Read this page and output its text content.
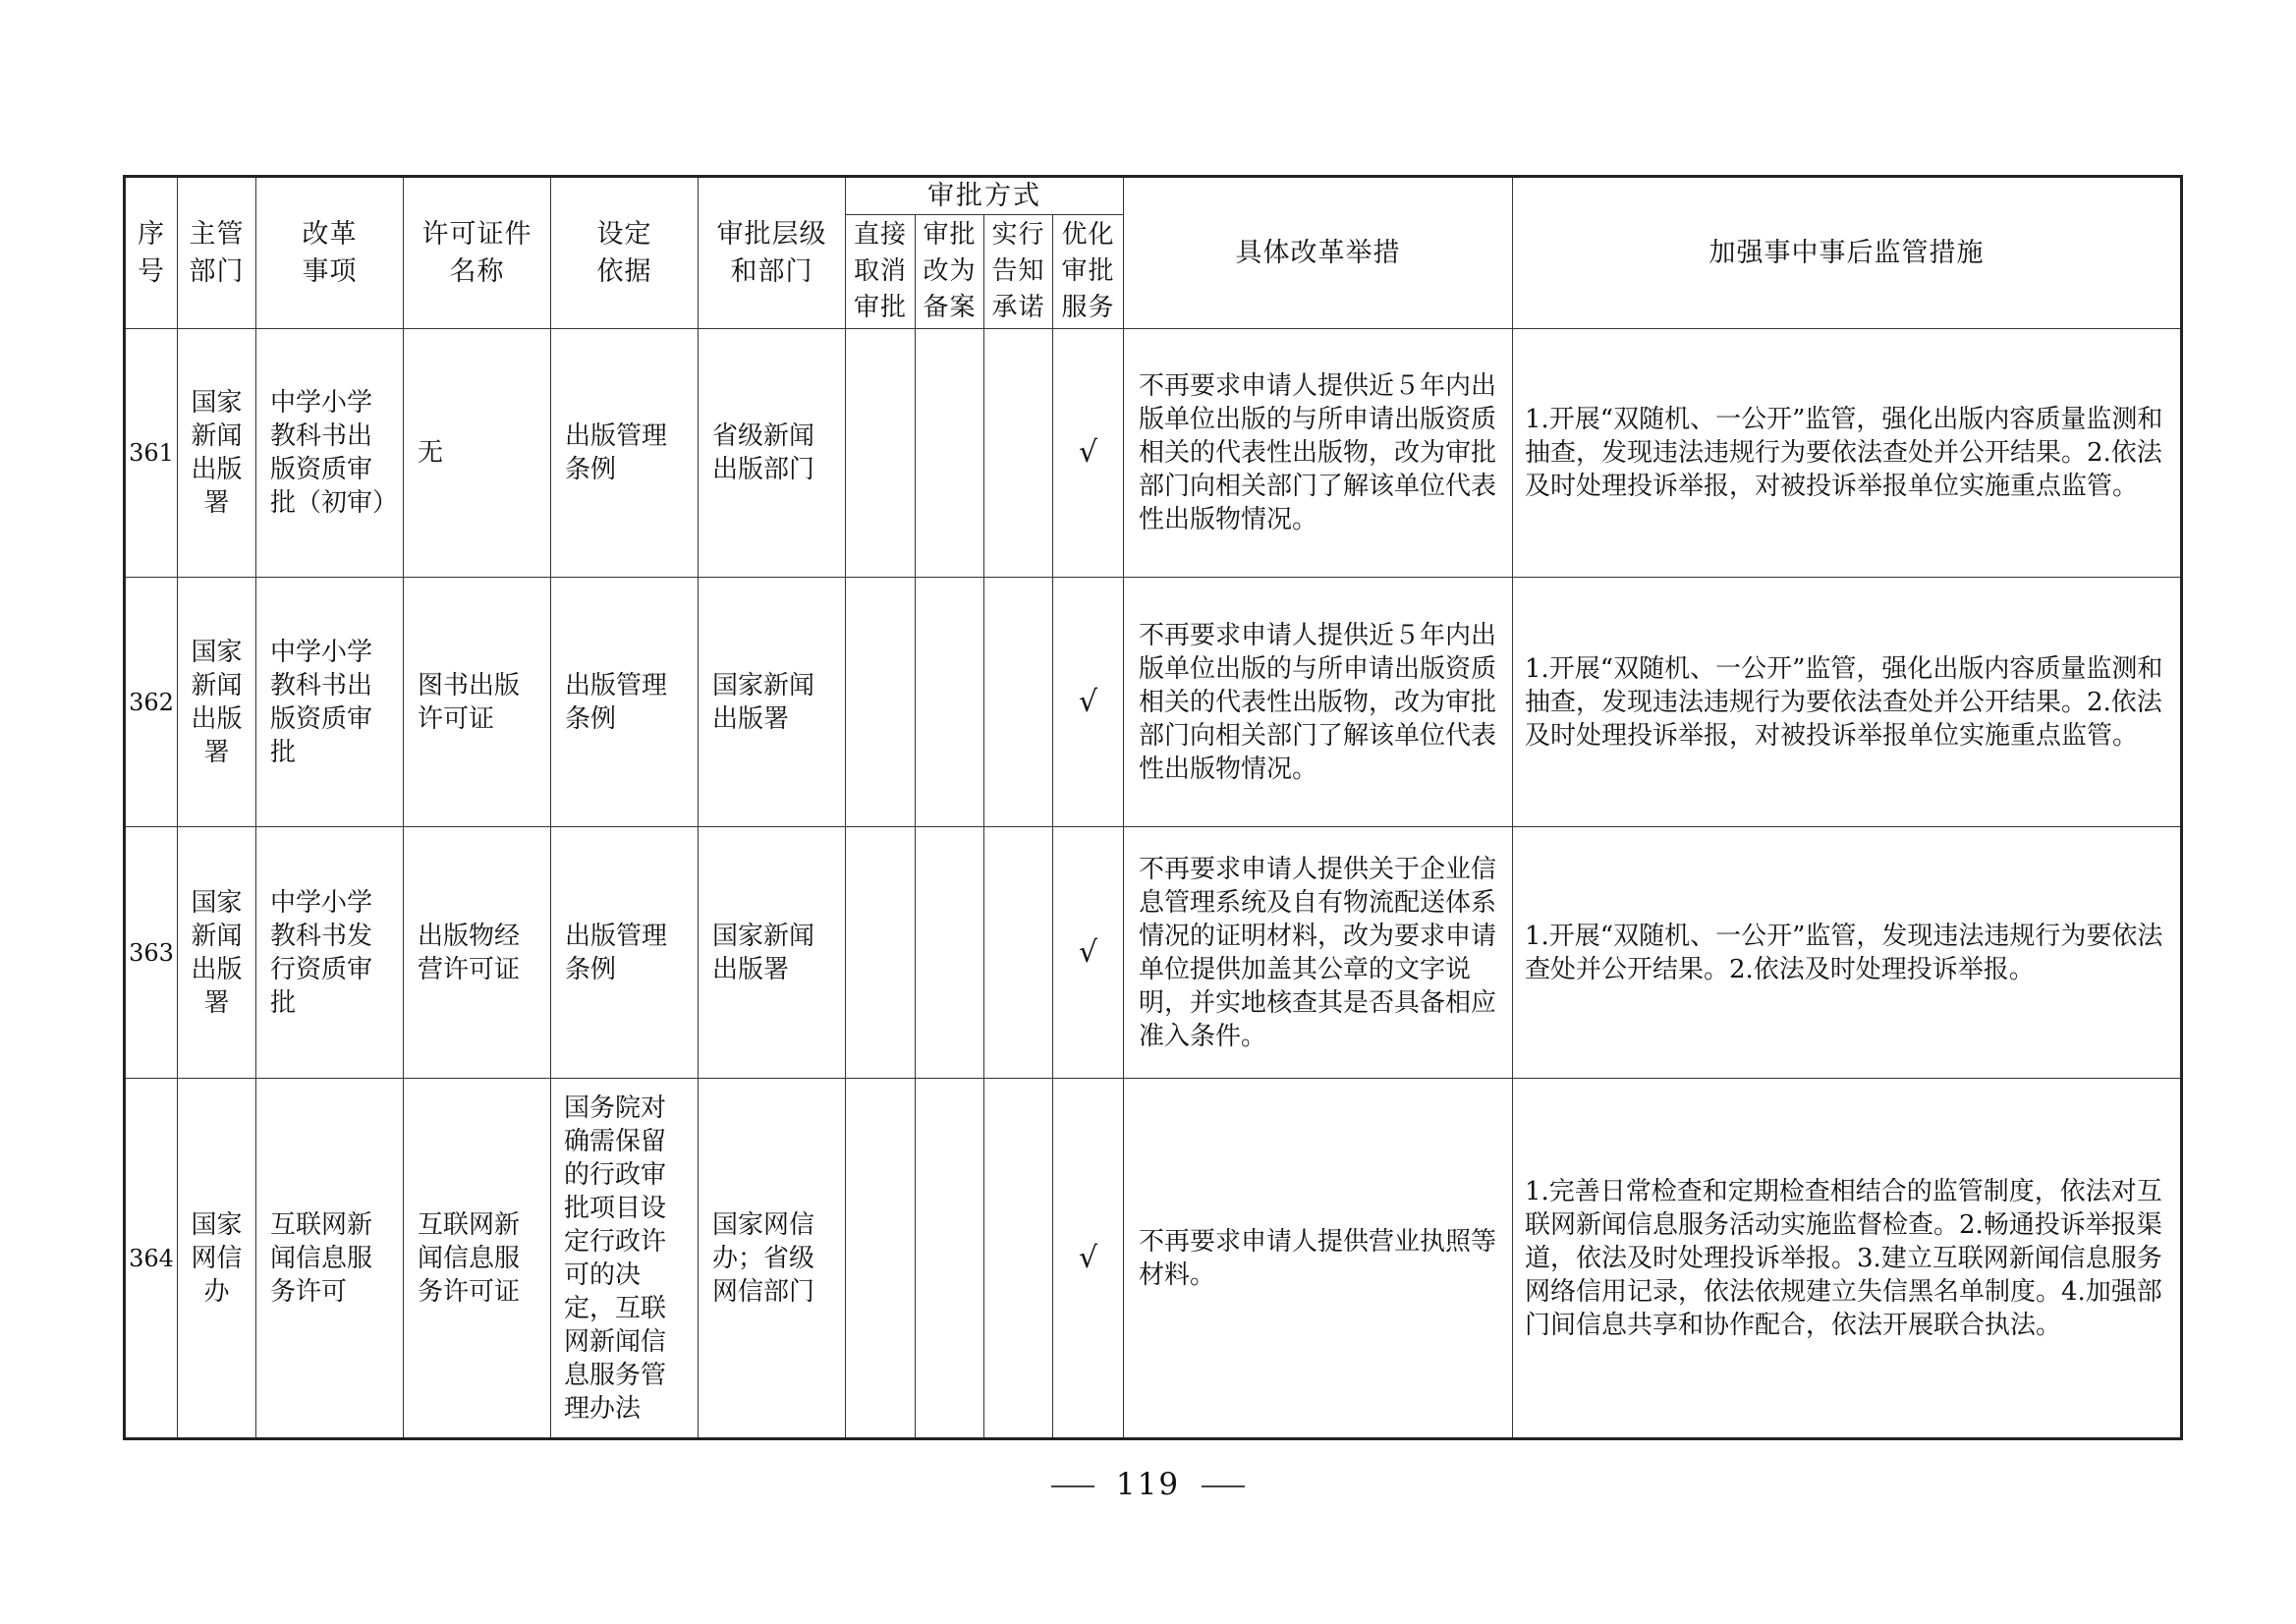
序号	主管部门	改革事项	许可证件名称	设定依据	审批层级和部门	审批方式				具体改革举措	加强事中事后监管措施
						直接取消审批	审批改为备案	实行告知承诺	优化审批服务		
361	国家新闻出版署	中学小学教科书出版资质审批（初审）	无	出版管理条例	省级新闻出版部门				√	不再要求申请人提供近５年内出版单位出版的与所申请出版资质相关的代表性出版物，改为审批部门向相关部门了解该单位代表性出版物情况。	1.开展“双随机、一公开”监管，强化出版内容质量监测和抽查，发现违法违规行为要依法查处并公开结果。2.依法及时处理投诉举报，对被投诉举报单位实施重点监管。
362	国家新闻出版署	中学小学教科书出版资质审批	图书出版许可证	出版管理条例	国家新闻出版署				√	不再要求申请人提供近５年内出版单位出版的与所申请出版资质相关的代表性出版物，改为审批部门向相关部门了解该单位代表性出版物情况。	1.开展“双随机、一公开”监管，强化出版内容质量监测和抽查，发现违法违规行为要依法查处并公开结果。2.依法及时处理投诉举报，对被投诉举报单位实施重点监管。
363	国家新闻出版署	中学小学教科书发行资质审批	出版物经营许可证	出版管理条例	国家新闻出版署				√	不再要求申请人提供关于企业信息管理系统及自有物流配送体系情况的证明材料，改为要求申请单位提供加盖其公章的文字说明，并实地核查其是否具备相应准入条件。	1.开展“双随机、一公开”监管，发现违法违规行为要依法查处并公开结果。2.依法及时处理投诉举报。
364	国家网信办	互联网新闻信息服务许可	互联网新闻信息服务许可证	国务院对确需保留的行政审批项目设定行政许可的决定，互联网新闻信息服务管理办法	国家网信办；省级网信部门				√	不再要求申请人提供营业执照等材料。	1.完善日常检查和定期检查相结合的监管制度，依法对互联网新闻信息服务活动实施监督检查。2.畅通投诉举报渠道，依法及时处理投诉举报。3.建立互联网新闻信息服务网络信用记录，依法依规建立失信黑名单制度。4.加强部门间信息共享和协作配合，依法开展联合执法。
119
